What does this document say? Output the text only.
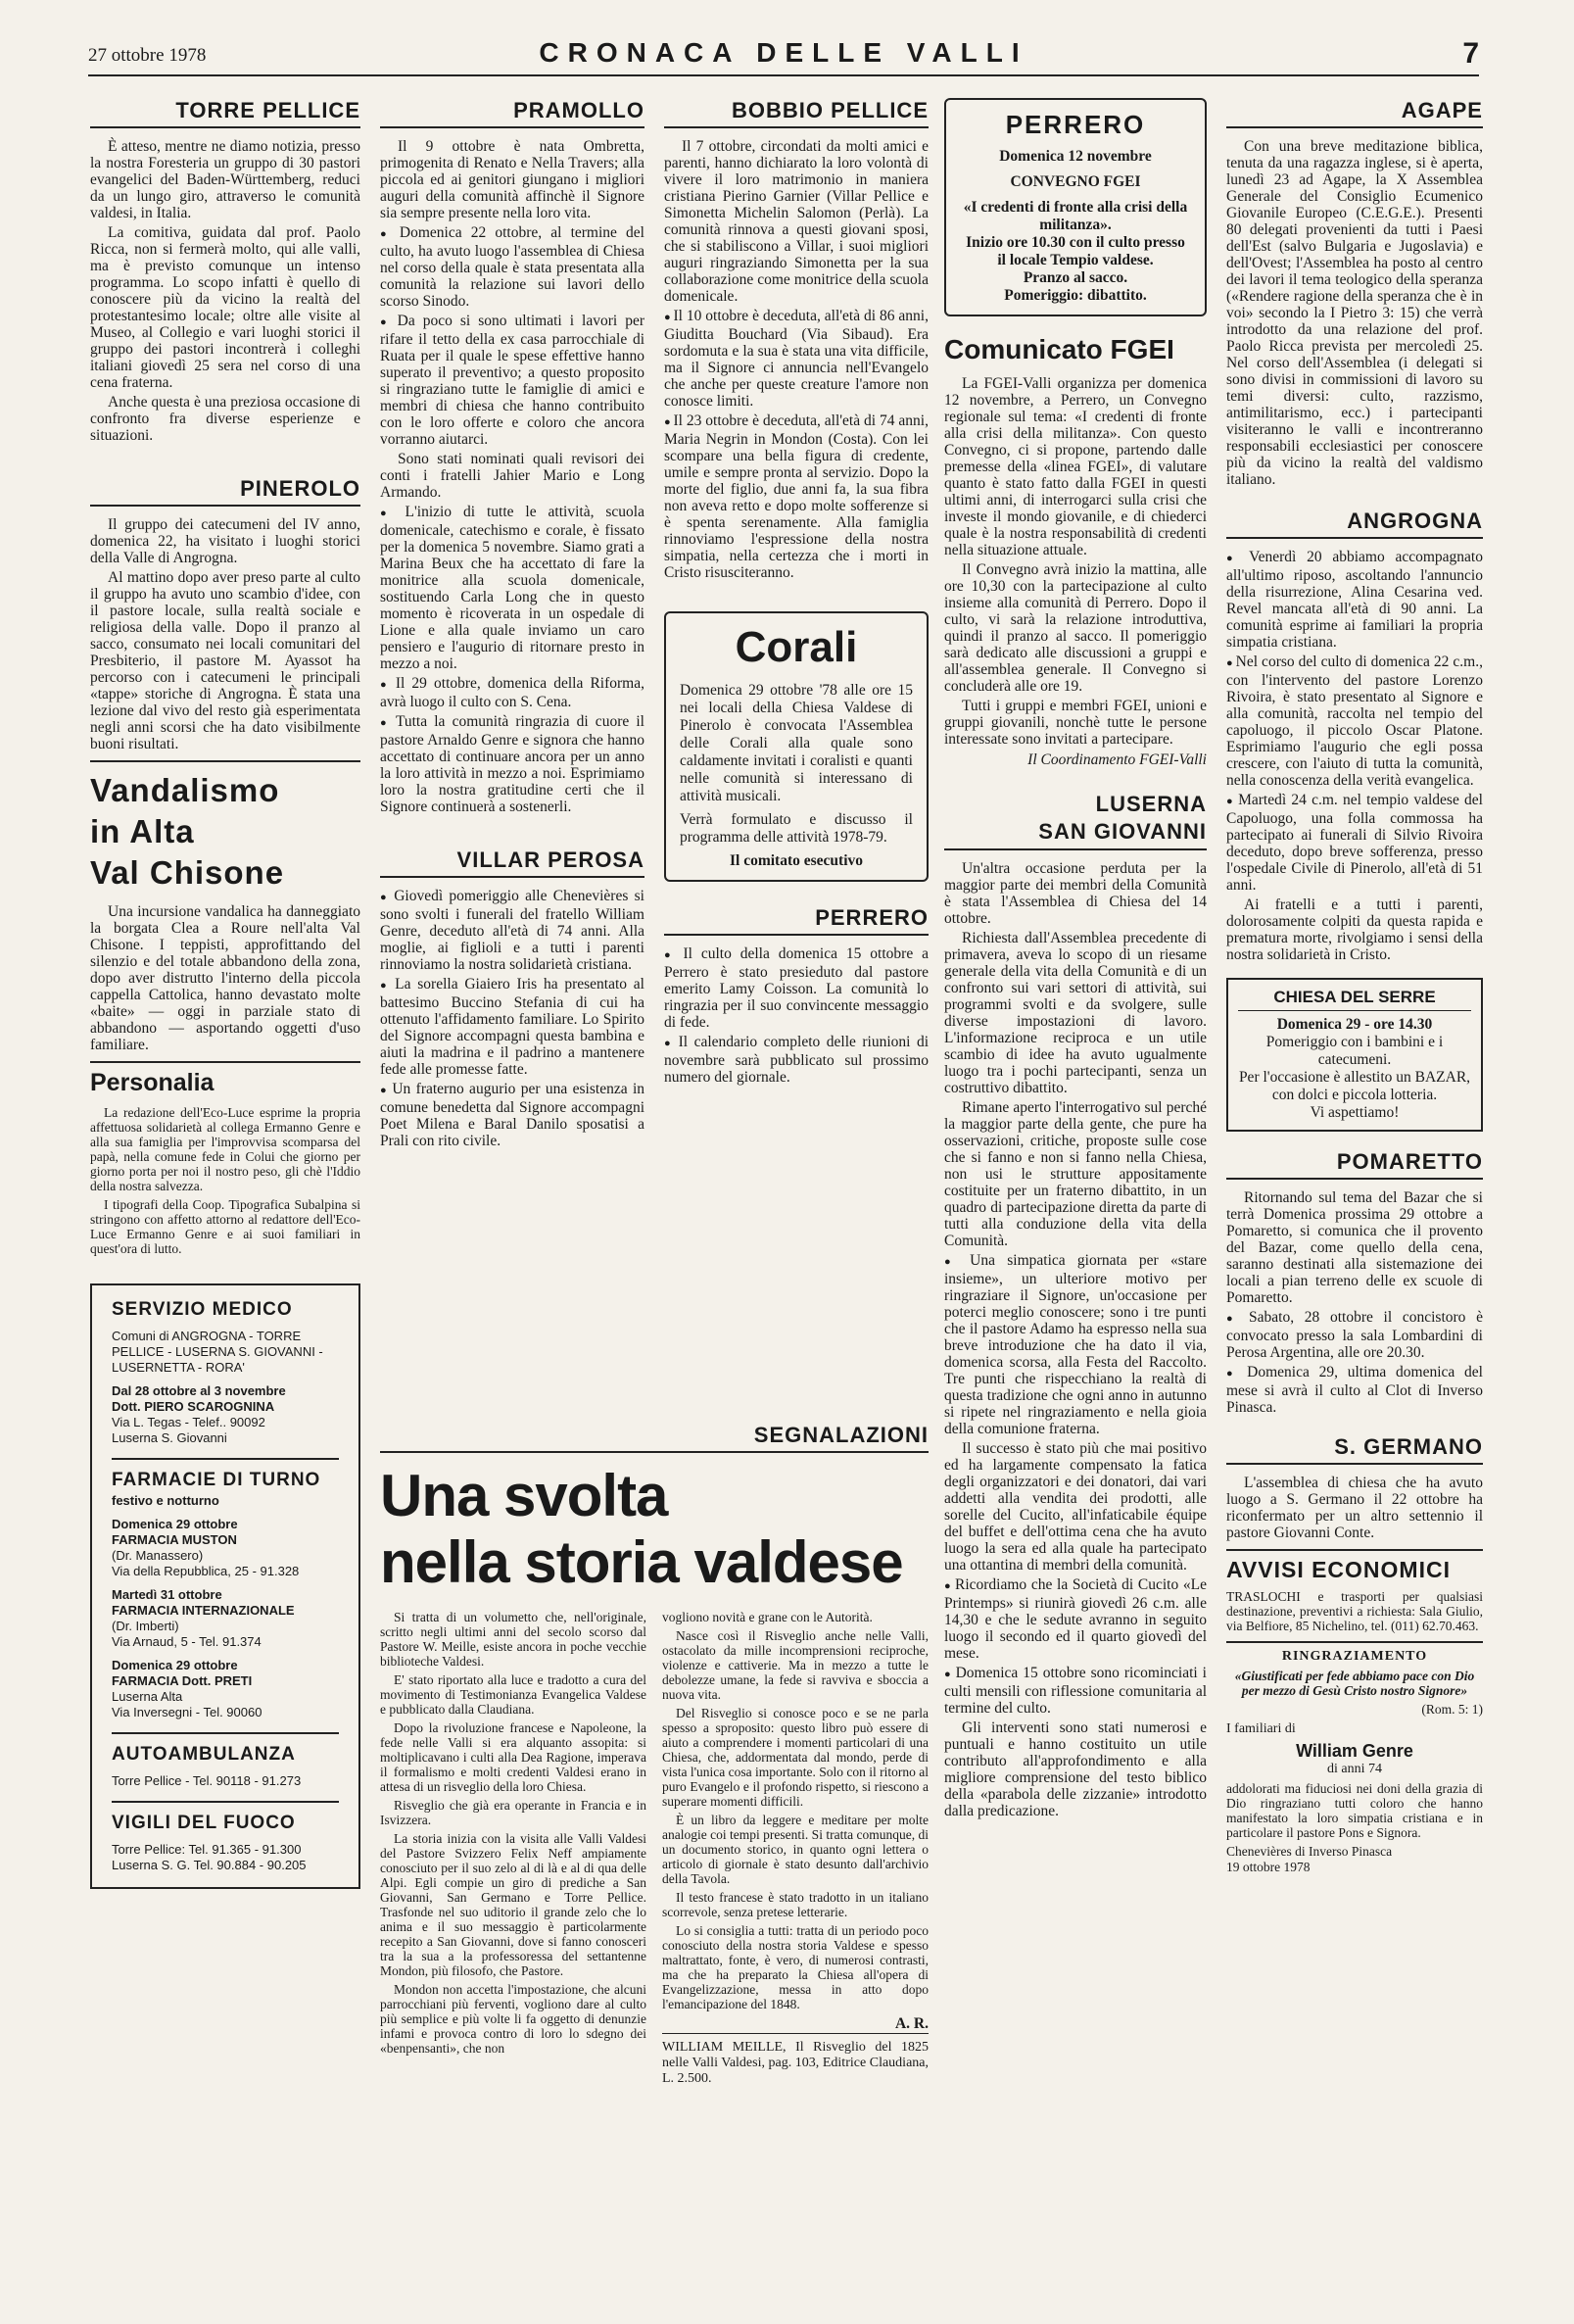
27 ottobre 1978	CRONACA DELLE VALLI	7
TORRE PELLICE

È atteso, mentre ne diamo notizia, presso la nostra Foresteria un gruppo di 30 pastori evangelici del Baden-Württemberg, reduci da un lungo giro, attraverso le comunità valdesi, in Italia.

La comitiva, guidata dal prof. Paolo Ricca, non si fermerà molto, qui alle valli, ma è previsto comunque un intenso programma. Lo scopo infatti è quello di conoscere più da vicino la realtà del protestantesimo locale; oltre alle visite al Museo, al Collegio e vari luoghi storici il gruppo dei pastori incontrerà i colleghi italiani giovedì 25 sera nel corso di una cena fraterna.

Anche questa è una preziosa occasione di confronto fra diverse esperienze e situazioni.

PINEROLO

Il gruppo dei catecumeni del IV anno, domenica 22, ha visitato i luoghi storici della Valle di Angrogna.

Al mattino dopo aver preso parte al culto il gruppo ha avuto uno scambio d'idee, con il pastore locale, sulla realtà sociale e religiosa della valle. Dopo il pranzo al sacco, consumato nei locali comunitari del Presbiterio, il pastore M. Ayassot ha percorso con i catecumeni le principali «tappe» storiche di Angrogna. È stata una lezione dal vivo del resto già esperimentata negli anni scorsi che ha dato visibilmente buoni risultati.

Vandalismo
in Alta
Val Chisone

Una incursione vandalica ha danneggiato la borgata Clea a Roure nell'alta Val Chisone. I teppisti, approfittando del silenzio e del totale abbandono della zona, dopo aver distrutto l'interno della piccola cappella Cattolica, hanno devastato molte «baite» — oggi in parziale stato di abbandono — asportando oggetti d'uso familiare.

Personalia

La redazione dell'Eco-Luce esprime la propria affettuosa solidarietà al collega Ermanno Genre e alla sua famiglia per l'improvvisa scomparsa del papà, nella comune fede in Colui che giorno per giorno porta per noi il nostro peso, gli chè l'Iddio della nostra salvezza.

I tipografi della Coop. Tipografica Subalpina si stringono con affetto attorno al redattore dell'Eco-Luce Ermanno Genre e ai suoi familiari in quest'ora di lutto.

SERVIZIO MEDICO
Comuni di ANGROGNA - TORRE PELLICE - LUSERNA S. GIOVANNI - LUSERNETTA - RORA'
Dal 28 ottobre al 3 novembre
Dott. PIERO SCAROGNINA
Via L. Tegas - Telef.. 90092
Luserna S. Giovanni
FARMACIE DI TURNO
festivo e notturno
Domenica 29 ottobre
FARMACIA MUSTON
(Dr. Manassero)
Via della Repubblica, 25 - 91.328
Martedì 31 ottobre
FARMACIA INTERNAZIONALE
(Dr. Imberti)
Via Arnaud, 5 - Tel. 91.374
Domenica 29 ottobre
FARMACIA Dott. PRETI
Luserna Alta
Via Inversegni - Tel. 90060
AUTOAMBULANZA
Torre Pellice - Tel. 90118 - 91.273
VIGILI DEL FUOCO
Torre Pellice: Tel. 91.365 - 91.300
Luserna S. G. Tel. 90.884 - 90.205
PRAMOLLO

Il 9 ottobre è nata Ombretta, primogenita di Renato e Nella Travers; alla piccola ed ai genitori giungano i migliori auguri della comunità affinchè il Signore sia sempre presente nella loro vita.

● Domenica 22 ottobre, al termine del culto, ha avuto luogo l'assemblea di Chiesa nel corso della quale è stata presentata alla comunità la relazione sui lavori dello scorso Sinodo.

● Da poco si sono ultimati i lavori per rifare il tetto della ex casa parrocchiale di Ruata per il quale le spese effettive hanno superato il preventivo; a questo proposito si ringraziano tutte le famiglie di amici e membri di chiesa che hanno contribuito con le loro offerte e coloro che ancora vorranno aiutarci.

Sono stati nominati quali revisori dei conti i fratelli Jahier Mario e Long Armando.

● L'inizio di tutte le attività, scuola domenicale, catechismo e corale, è fissato per la domenica 5 novembre. Siamo grati a Marina Beux che ha accettato di fare la monitrice alla scuola domenicale, sostituendo Carla Long che in questo momento è ricoverata in un ospedale di Lione e alla quale inviamo un caro pensiero e l'augurio di ritornare presto in mezzo a noi.

● Il 29 ottobre, domenica della Riforma, avrà luogo il culto con S. Cena.

● Tutta la comunità ringrazia di cuore il pastore Arnaldo Genre e signora che hanno accettato di continuare ancora per un anno la loro attività in mezzo a noi. Esprimiamo loro la nostra gratitudine certi che il Signore continuerà a sostenerli.

VILLAR PEROSA

● Giovedì pomeriggio alle Chenevières si sono svolti i funerali del fratello William Genre, deceduto all'età di 74 anni. Alla moglie, ai figlioli e a tutti i parenti rinnoviamo la nostra solidarietà cristiana.

● La sorella Giaiero Iris ha presentato al battesimo Buccino Stefania di cui ha ottenuto l'affidamento familiare. Lo Spirito del Signore accompagni questa bambina e aiuti la madrina e il padrino a mantenere fede alle promesse fatte.

● Un fraterno augurio per una esistenza in comune benedetta dal Signore accompagni Poet Milena e Baral Danilo sposatisi a Prali con rito civile.

BOBBIO PELLICE

Il 7 ottobre, circondati da molti amici e parenti, hanno dichiarato la loro volontà di vivere il loro matrimonio in maniera cristiana Pierino Garnier (Villar Pellice e Simonetta Michelin Salomon (Perlà). La comunità rinnova a questi giovani sposi, che si stabiliscono a Villar, i suoi migliori auguri ringraziando Simonetta per la sua collaborazione come monitrice della scuola domenicale.

● Il 10 ottobre è deceduta, all'età di 86 anni, Giuditta Bouchard (Via Sibaud). Era sordomuta e la sua è stata una vita difficile, ma il Signore ci annuncia nell'Evangelo che anche per queste creature l'amore non conosce limiti.

● Il 23 ottobre è deceduta, all'età di 74 anni, Maria Negrin in Mondon (Costa). Con lei scompare una bella figura di credente, umile e sempre pronta al servizio. Dopo la morte del figlio, due anni fa, la sua fibra non aveva retto e dopo molte sofferenze si è spenta serenamente. Alla famiglia rinnoviamo l'espressione della nostra simpatia, nella certezza che i morti in Cristo risusciteranno.

Corali

Domenica 29 ottobre '78 alle ore 15 nei locali della Chiesa Valdese di Pinerolo è convocata l'Assemblea delle Corali alla quale sono caldamente invitati i coralisti e quanti nelle comunità si interessano di attività musicali.

Verrà formulato e discusso il programma delle attività 1978-79.

Il comitato esecutivo

PERRERO

● Il culto della domenica 15 ottobre a Perrero è stato presieduto dal pastore emerito Lamy Coisson. La comunità lo ringrazia per il suo convincente messaggio di fede.

● Il calendario completo delle riunioni di novembre sarà pubblicato sul prossimo numero del giornale.

SEGNALAZIONI
Una svolta
nella storia valdese

Si tratta di un volumetto che, nell'originale, scritto negli ultimi anni del secolo scorso dal Pastore W. Meille, esiste ancora in poche vecchie biblioteche Valdesi.

E' stato riportato alla luce e tradotto a cura del movimento di Testimonianza Evangelica Valdese e pubblicato dalla Claudiana.

Dopo la rivoluzione francese e Napoleone, la fede nelle Valli si era alquanto assopita: si moltiplicavano i culti alla Dea Ragione, imperava il formalismo e molti credenti Valdesi erano in attesa di un risveglio della loro Chiesa.

Risveglio che già era operante in Francia e in Isvizzera.

La storia inizia con la visita alle Valli Valdesi del Pastore Svizzero Felix Neff ampiamente conosciuto per il suo zelo al di là e al di qua delle Alpi. Egli compie un giro di prediche a San Giovanni, San Germano e Torre Pellice. Trasfonde nel suo uditorio il grande zelo che lo anima e il suo messaggio è particolarmente recepito a San Giovanni, dove si fanno conosceri tra la sua a la professoressa del settantenne Mondon, più filosofo, che Pastore.

Mondon non accetta l'impostazione, che alcuni parrocchiani più ferventi, vogliono dare al culto più semplice e più volte li fa oggetto di denunzie infami e provoca contro di loro lo sdegno dei «benpensanti», che non

vogliono novità e grane con le Autorità.

Nasce così il Risveglio anche nelle Valli, ostacolato da mille incomprensioni reciproche, violenze e cattiverie. Ma in mezzo a tutte le debolezze umane, la fede si ravviva e sboccia a nuova vita.

Del Risveglio si conosce poco e se ne parla spesso a sproposito: questo libro può essere di aiuto a comprendere i momenti particolari di una Chiesa, che, addormentata dal mondo, perde di vista l'unica cosa importante. Solo con il ritorno al puro Evangelo e il profondo rispetto, si riescono a superare momenti difficili.

È un libro da leggere e meditare per molte analogie coi tempi presenti. Si tratta comunque, di un documento storico, in quanto ogni lettera o articolo di giornale è stato desunto dall'archivio della Tavola.

Il testo francese è stato tradotto in un italiano scorrevole, senza pretese letterarie.

Lo si consiglia a tutti: tratta di un periodo poco conosciuto della nostra storia Valdese e spesso maltrattato, fonte, è vero, di numerosi contrasti, ma che ha preparato la Chiesa all'opera di Evangelizzazione, messa in atto dopo l'emancipazione del 1848.

A. R.
WILLIAM MEILLE, Il Risveglio del 1825 nelle Valli Valdesi, pag. 103, Editrice Claudiana, L. 2.500.
PERRERO

Domenica 12 novembre

CONVEGNO FGEI

«I credenti di fronte alla crisi della militanza».

Inizio ore 10.30 con il culto presso il locale Tempio valdese.

Pranzo al sacco.

Pomeriggio: dibattito.

Comunicato FGEI

La FGEI-Valli organizza per domenica 12 novembre, a Perrero, un Convegno regionale sul tema: «I credenti di fronte alla crisi della militanza». Con questo Convegno, ci si propone, partendo dalle premesse della «linea FGEI», di valutare quanto è stato fatto dalla FGEI in questi ultimi anni, di interrogarci sulla crisi che investe il mondo giovanile, e di chiederci quale è la nostra responsabilità di credenti nella situazione attuale.

Il Convegno avrà inizio la mattina, alle ore 10,30 con la partecipazione al culto insieme alla comunità di Perrero. Dopo il culto, vi sarà la relazione introduttiva, quindi il pranzo al sacco. Il pomeriggio sarà dedicato alle discussioni a gruppi e all'assemblea generale. Il Convegno si concluderà alle ore 19.

Tutti i gruppi e membri FGEI, unioni e gruppi giovanili, nonchè tutte le persone interessate sono invitati a partecipare.

Il Coordinamento FGEI-Valli
LUSERNA
SAN GIOVANNI

Un'altra occasione perduta per la maggior parte dei membri della Comunità è stata l'Assemblea di Chiesa del 14 ottobre.

Richiesta dall'Assemblea precedente di primavera, aveva lo scopo di un riesame generale della vita della Comunità e di un confronto sui vari settori di attività, sui programmi svolti e da svolgere, sulle diverse impostazioni di lavoro. L'informazione reciproca e un utile scambio di idee ha avuto ugualmente luogo tra i pochi partecipanti, senza un costruttivo dibattito.

Rimane aperto l'interrogativo sul perché la maggior parte della gente, che pure ha osservazioni, critiche, proposte sulle cose che si fanno e non si fanno nella Chiesa, non usi le strutture appositamente costituite per un fraterno dibattito, in un quadro di partecipazione diretta da parte di tutti alla conduzione della vita della Comunità.

● Una simpatica giornata per «stare insieme», un ulteriore motivo per ringraziare il Signore, un'occasione per poterci meglio conoscere; sono i tre punti che il pastore Adamo ha espresso nella sua breve introduzione che ha dato il via, domenica scorsa, alla Festa del Raccolto. Tre punti che rispecchiano la realtà di questa tradizione che ogni anno in autunno si ripete nel ringraziamento e nella gioia della comunione fraterna.

Il successo è stato più che mai positivo ed ha largamente compensato la fatica degli organizzatori e dei donatori, dai vari addetti alla vendita dei prodotti, alle sorelle del Cucito, all'infaticabile équipe del buffet e dell'ottima cena che ha avuto luogo la sera ed alla quale ha partecipato una ottantina di membri della comunità.

● Ricordiamo che la Società di Cucito «Le Printemps» si riunirà giovedì 26 c.m. alle 14,30 e che le sedute avranno in seguito luogo il secondo ed il quarto giovedì del mese.

● Domenica 15 ottobre sono ricominciati i culti mensili con riflessione comunitaria al termine del culto.

Gli interventi sono stati numerosi e puntuali e hanno costituito un utile contributo all'approfondimento e alla migliore comprensione del testo biblico della «parabola delle zizzanie» introdotto dalla predicazione.

AGAPE

Con una breve meditazione biblica, tenuta da una ragazza inglese, si è aperta, lunedì 23 ad Agape, la X Assemblea Generale del Consiglio Ecumenico Giovanile Europeo (C.E.G.E.). Presenti 80 delegati provenienti da tutti i Paesi dell'Est (salvo Bulgaria e Jugoslavia) e dell'Ovest; l'Assemblea ha posto al centro dei lavori il tema teologico della speranza («Rendere ragione della speranza che è in voi» secondo la I Pietro 3: 15) che verrà introdotto da una relazione del prof. Paolo Ricca prevista per mercoledì 25. Nel corso dell'Assemblea (i delegati si sono divisi in commissioni di lavoro su temi diversi: culto, razzismo, antimilitarismo, ecc.) i partecipanti visiteranno le valli e incontreranno responsabili ecclesiastici per conoscere più da vicino la realtà del valdismo italiano.

ANGROGNA

● Venerdì 20 abbiamo accompagnato all'ultimo riposo, ascoltando l'annuncio della risurrezione, Alina Cesarina ved. Revel mancata all'età di 90 anni. La comunità esprime ai familiari la propria simpatia cristiana.

● Nel corso del culto di domenica 22 c.m., con l'intervento del pastore Lorenzo Rivoira, è stato presentato al Signore e alla comunità, raccolta nel tempio del capoluogo, il piccolo Oscar Platone. Esprimiamo l'augurio che egli possa crescere, con l'aiuto di tutta la comunità, nella conoscenza della verità evangelica.

● Martedì 24 c.m. nel tempio valdese del Capoluogo, una folla commossa ha partecipato ai funerali di Silvio Rivoira deceduto, dopo breve sofferenza, presso l'ospedale Civile di Pinerolo, all'età di 51 anni.

Ai fratelli e a tutti i parenti, dolorosamente colpiti da questa rapida e prematura morte, rivolgiamo i sensi della nostra solidarietà in Cristo.

CHIESA DEL SERRE

Domenica 29 - ore 14.30

Pomeriggio con i bambini e i catecumeni.

Per l'occasione è allestito un BAZAR, con dolci e piccola lotteria.

Vi aspettiamo!

POMARETTO

Ritornando sul tema del Bazar che si terrà Domenica prossima 29 ottobre a Pomaretto, si comunica che il provento del Bazar, come quello della cena, saranno destinati alla sistemazione dei locali a pian terreno delle ex scuole di Pomaretto.

● Sabato, 28 ottobre il concistoro è convocato presso la sala Lombardini di Perosa Argentina, alle ore 20.30.

● Domenica 29, ultima domenica del mese si avrà il culto al Clot di Inverso Pinasca.

S. GERMANO

L'assemblea di chiesa che ha avuto luogo a S. Germano il 22 ottobre ha riconfermato per un altro settennio il pastore Giovanni Conte.

AVVISI ECONOMICI

TRASLOCHI e trasporti per qualsiasi destinazione, preventivi a richiesta: Sala Giulio, via Belfiore, 85 Nichelino, tel. (011) 62.70.463.

RINGRAZIAMENTO

«Giustificati per fede abbiamo pace con Dio per mezzo di Gesù Cristo nostro Signore»

(Rom. 5: 1)
I familiari di
William Genre
di anni 74

addolorati ma fiduciosi nei doni della grazia di Dio ringraziano tutti coloro che hanno manifestato la loro simpatia cristiana e in particolare il pastore Pons e Signora.

Chenevières di Inverso Pinasca
19 ottobre 1978
